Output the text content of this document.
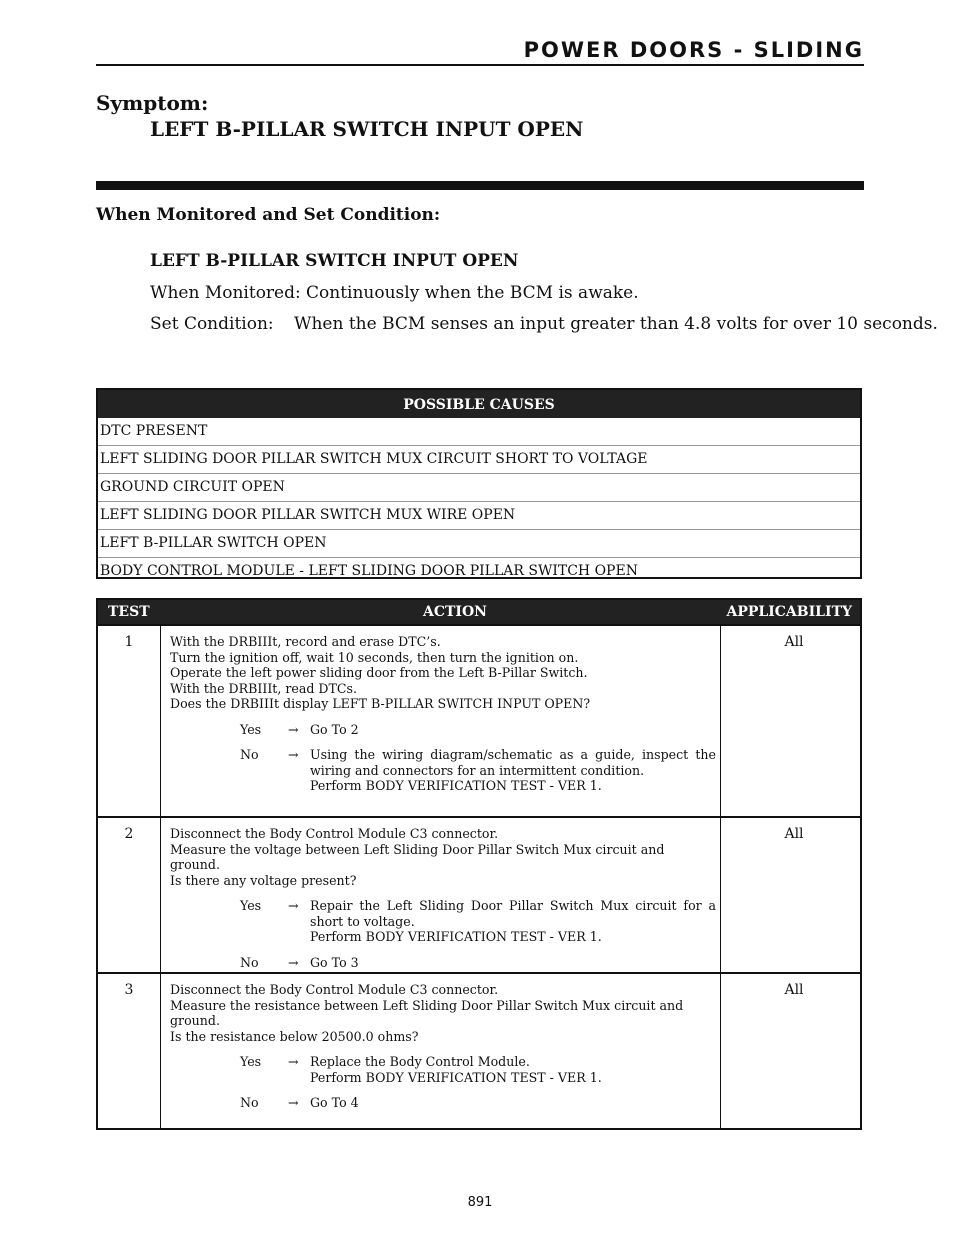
POWER DOORS - SLIDING
Symptom:
LEFT B-PILLAR SWITCH INPUT OPEN
When Monitored and Set Condition:
LEFT B-PILLAR SWITCH INPUT OPEN
When Monitored: Continuously when the BCM is awake.
Set Condition: When the BCM senses an input greater than 4.8 volts for over 10 seconds.
POSSIBLE CAUSES
DTC PRESENT
LEFT SLIDING DOOR PILLAR SWITCH MUX CIRCUIT SHORT TO VOLTAGE
GROUND CIRCUIT OPEN
LEFT SLIDING DOOR PILLAR SWITCH MUX WIRE OPEN
LEFT B-PILLAR SWITCH OPEN
BODY CONTROL MODULE - LEFT SLIDING DOOR PILLAR SWITCH OPEN
TEST	ACTION	APPLICABILITY
1	With the DRBIIIt, record and erase DTC’s.
Turn the ignition off, wait 10 seconds, then turn the ignition on.
Operate the left power sliding door from the Left B-Pillar Switch.
With the DRBIIIt, read DTCs.
Does the DRBIIIt display LEFT B-PILLAR SWITCH INPUT OPEN?
Yes	→ Go To 2
No	→ Using the wiring diagram/schematic as a guide, inspect the wiring and connectors for an intermittent condition.
Perform BODY VERIFICATION TEST - VER 1.
All
2	Disconnect the Body Control Module C3 connector.
Measure the voltage between Left Sliding Door Pillar Switch Mux circuit and ground.
Is there any voltage present?
Yes	→ Repair the Left Sliding Door Pillar Switch Mux circuit for a short to voltage.
Perform BODY VERIFICATION TEST - VER 1.
No	→ Go To 3
All
3	Disconnect the Body Control Module C3 connector.
Measure the resistance between Left Sliding Door Pillar Switch Mux circuit and ground.
Is the resistance below 20500.0 ohms?
Yes	→ Replace the Body Control Module.
Perform BODY VERIFICATION TEST - VER 1.
No	→ Go To 4
All
891
